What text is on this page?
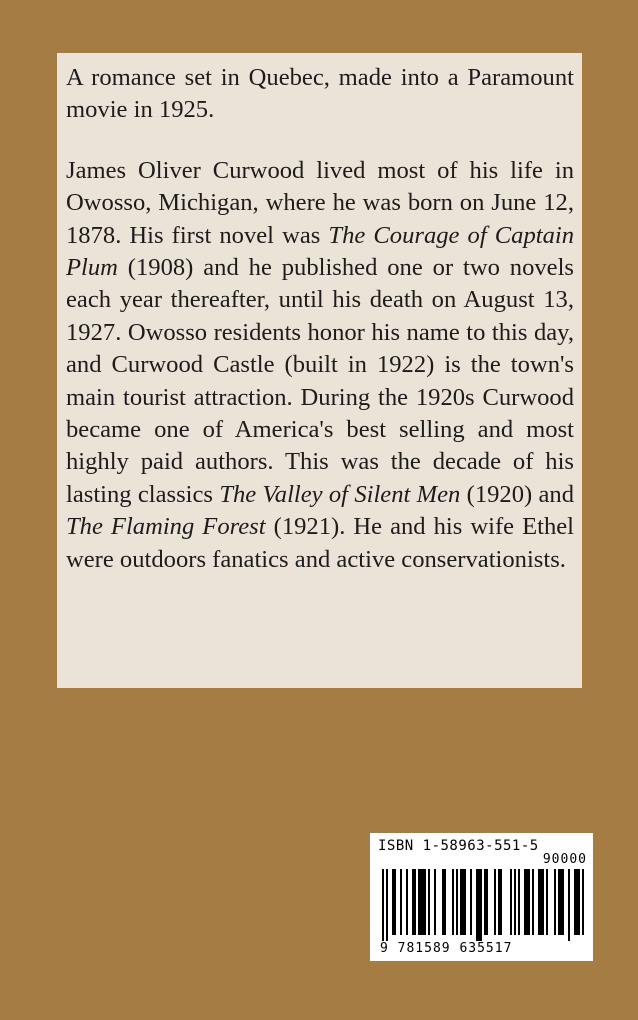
A romance set in Quebec, made into a Paramount movie in 1925.

James Oliver Curwood lived most of his life in Owosso, Michigan, where he was born on June 12, 1878. His first novel was The Courage of Captain Plum (1908) and he published one or two novels each year thereafter, until his death on August 13, 1927. Owosso residents honor his name to this day, and Curwood Castle (built in 1922) is the town's main tourist attraction. During the 1920s Curwood became one of America's best selling and most highly paid authors. This was the decade of his lasting classics The Valley of Silent Men (1920) and The Flaming Forest (1921). He and his wife Ethel were outdoors fanatics and active conservationists.

ISBN 1-58963-551-5
90000
9 781589 635517
